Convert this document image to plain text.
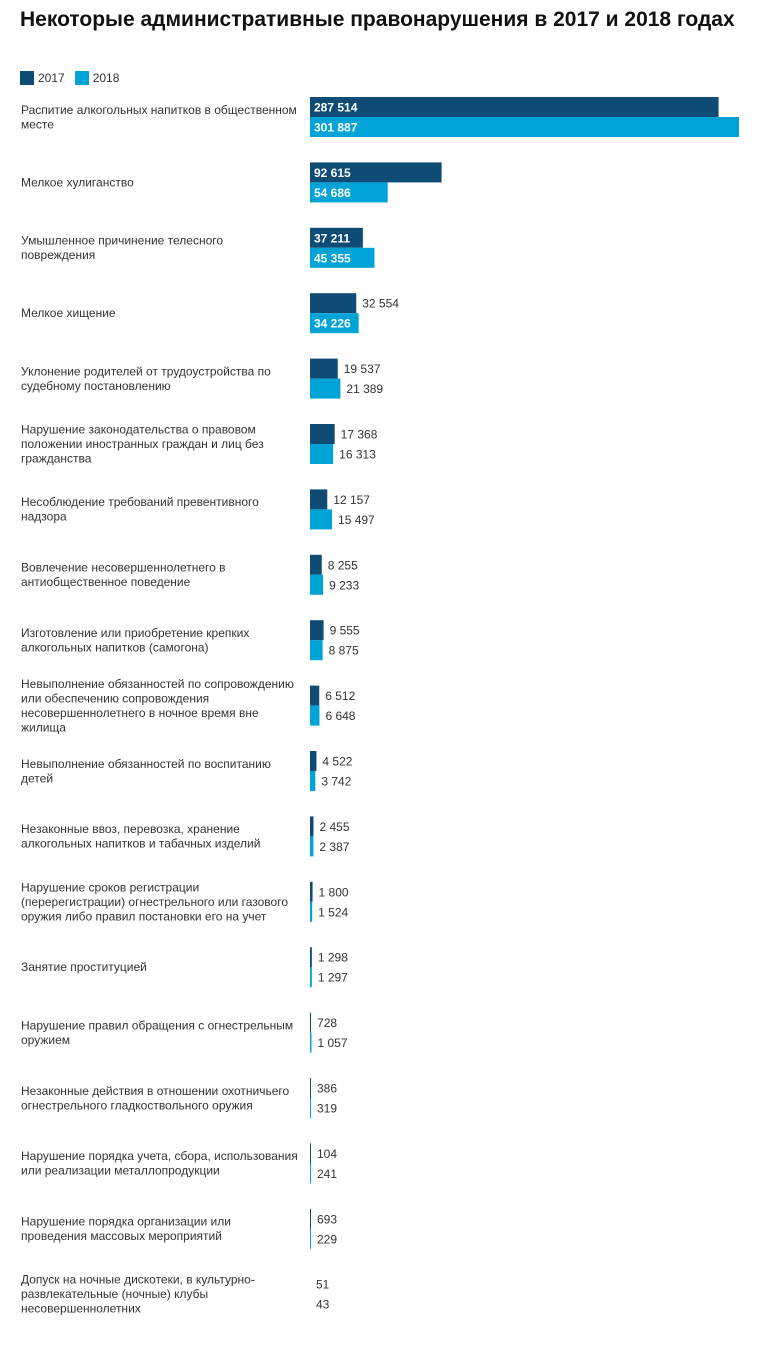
Некоторые административные правонарушения в 2017 и 2018 годах
2017 2018
Распитие алкогольных напитков в общественном месте
287 514
301 887
Мелкое хулиганство
92 615
54 686
Умышленное причинение телесного повреждения
37 211
45 355
Мелкое хищение
32 554
34 226
Уклонение родителей от трудоустройства по судебному постановлению
19 537
21 389
Нарушение законодательства о правовом положении иностранных граждан и лиц без гражданства
17 368
16 313
Несоблюдение требований превентивного надзора
12 157
15 497
Вовлечение несовершеннолетнего в антиобщественное поведение
8 255
9 233
Изготовление или приобретение крепких алкогольных напитков (самогона)
9 555
8 875
Невыполнение обязанностей по сопровождению или обеспечению сопровождения несовершеннолетнего в ночное время вне жилища
6 512
6 648
Невыполнение обязанностей по воспитанию детей
4 522
3 742
Незаконные ввоз, перевозка, хранение алкогольных напитков и табачных изделий
2 455
2 387
Нарушение сроков регистрации (перерегистрации) огнестрельного или газового оружия либо правил постановки его на учет
1 800
1 524
Занятие проституцией
1 298
1 297
Нарушение правил обращения с огнестрельным оружием
728
1 057
Незаконные действия в отношении охотничьего огнестрельного гладкоствольного оружия
386
319
Нарушение порядка учета, сбора, использования или реализации металлопродукции
104
241
Нарушение порядка организации или проведения массовых мероприятий
693
229
Допуск на ночные дискотеки, в культурно-развлекательные (ночные) клубы несовершеннолетних
51
43
